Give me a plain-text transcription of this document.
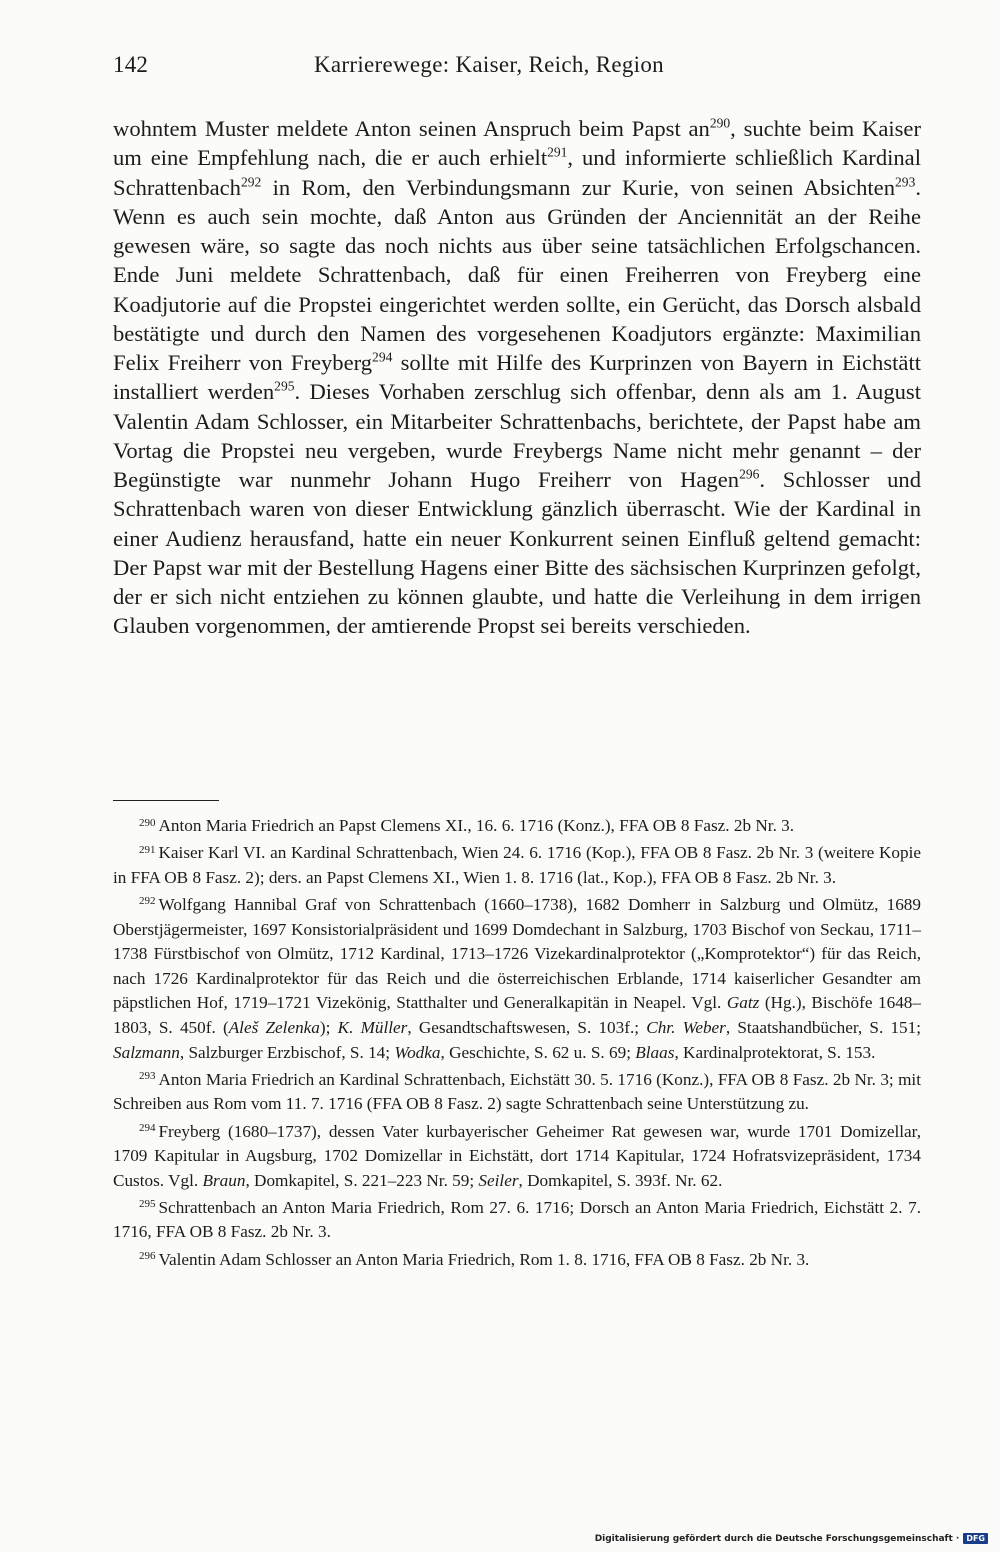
142	Karrierewege: Kaiser, Reich, Region

wohntem Muster meldete Anton seinen Anspruch beim Papst $an^{290}$, suchte beim Kaiser um eine Empfehlung nach, die er auch erhielt$^{291}$, und informierte schließlich Kardinal Schrattenbach$^{292}$ in Rom, den Verbindungsmann zur Kurie, von seinen Absichten$^{293}$. Wenn es auch sein mochte, daß Anton aus Gründen der Anciennität an der Reihe gewesen wäre, so sagte das noch nichts aus über seine tatsächlichen Erfolgschancen. Ende Juni meldete Schrattenbach, daß für einen Freiherren von Freyberg eine Koadjutorie auf die Propstei eingerichtet werden sollte, ein Gerücht, das Dorsch alsbald bestätigte und durch den Namen des vorgesehenen Koadjutors ergänzte: Maximilian Felix Freiherr von Freyberg$^{294}$ sollte mit Hilfe des Kurprinzen von Bayern in Eichstätt installiert werden$^{295}$. Dieses Vorhaben zerschlug sich offenbar, denn als am 1. August Valentin Adam Schlosser, ein Mitarbeiter Schrattenbachs, berichtete, der Papst habe am Vortag die Propstei neu vergeben, wurde Freybergs Name nicht mehr genannt – der Begünstigte war nunmehr Johann Hugo Freiherr von Hagen$^{296}$. Schlosser und Schrattenbach waren von dieser Entwicklung gänzlich überrascht. Wie der Kardinal in einer Audienz herausfand, hatte ein neuer Konkurrent seinen Einfluß geltend gemacht: Der Papst war mit der Bestellung Hagens einer Bitte des sächsischen Kurprinzen gefolgt, der er sich nicht entziehen zu können glaubte, und hatte die Verleihung in dem irrigen Glauben vorgenommen, der amtierende Propst sei bereits verschieden.

$^{290}$ Anton Maria Friedrich an Papst Clemens XI., 16. 6. 1716 (Konz.), FFA OB 8 Fasz. 2b Nr. 3.

$^{291}$ Kaiser Karl VI. an Kardinal Schrattenbach, Wien 24. 6. 1716 (Kop.), FFA OB 8 Fasz. 2b Nr. 3 (weitere Kopie in FFA OB 8 Fasz. 2); ders. an Papst Clemens XI., Wien 1. 8. 1716 (lat., Kop.), FFA OB 8 Fasz. 2b Nr. 3.

$^{292}$ Wolfgang Hannibal Graf von Schrattenbach (1660–1738), 1682 Domherr in Salzburg und Olmütz, 1689 Oberstjägermeister, 1697 Konsistorialpräsident und 1699 Domdechant in Salzburg, 1703 Bischof von Seckau, 1711–1738 Fürstbischof von Olmütz, 1712 Kardinal, 1713–1726 Vizekardinalprotektor („Komprotektor“) für das Reich, nach 1726 Kardinalprotektor für das Reich und die österreichischen Erblande, 1714 kaiserlicher Gesandter am päpstlichen Hof, 1719–1721 Vizekönig, Statthalter und Generalkapitän in Neapel. Vgl. Gatz (Hg.), Bischöfe 1648–1803, S. 450f. (Aleš Zelenka); K. Müller, Gesandtschaftswesen, S. 103f.; Chr. Weber, Staatshandbücher, S. 151; Salzmann, Salzburger Erzbischof, S. 14; Wodka, Geschichte, S. 62 u. S. 69; Blaas, Kardinalprotektorat, S. 153.

$^{293}$ Anton Maria Friedrich an Kardinal Schrattenbach, Eichstätt 30. 5. 1716 (Konz.), FFA OB 8 Fasz. 2b Nr. 3; mit Schreiben aus Rom vom 11. 7. 1716 (FFA OB 8 Fasz. 2) sagte Schrattenbach seine Unterstützung zu.

$^{294}$ Freyberg (1680–1737), dessen Vater kurbayerischer Geheimer Rat gewesen war, wurde 1701 Domizellar, 1709 Kapitular in Augsburg, 1702 Domizellar in Eichstätt, dort 1714 Kapitular, 1724 Hofratsvizepräsident, 1734 Custos. Vgl. Braun, Domkapitel, S. 221–223 Nr. 59; Seiler, Domkapitel, S. 393f. Nr. 62.

$^{295}$ Schrattenbach an Anton Maria Friedrich, Rom 27. 6. 1716; Dorsch an Anton Maria Friedrich, Eichstätt 2. 7. 1716, FFA OB 8 Fasz. 2b Nr. 3.

$^{296}$ Valentin Adam Schlosser an Anton Maria Friedrich, Rom 1. 8. 1716, FFA OB 8 Fasz. 2b Nr. 3.

Digitalisierung gefördert durch die Deutsche Forschungsgemeinschaft · DFG
